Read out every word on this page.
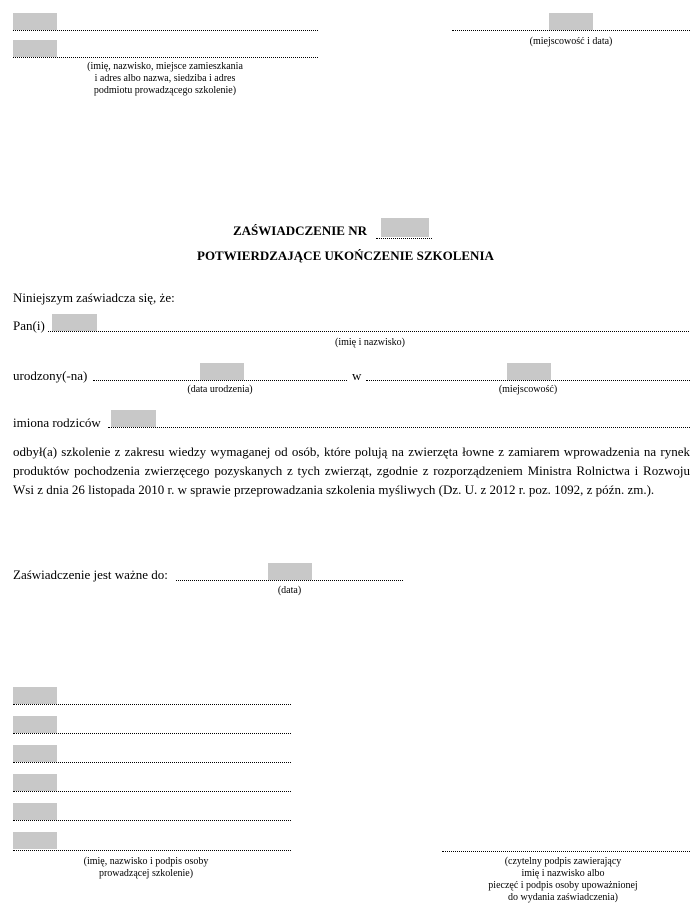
(imię, nazwisko, miejsce zamieszkania
i adres albo nazwa, siedziba i adres
podmiotu prowadzącego szkolenie)
(miejscowość i data)
ZAŚWIADCZENIE NR
POTWIERDZAJĄCE UKOŃCZENIE SZKOLENIA
Niniejszym zaświadcza się, że:
Pan(i)
(imię i nazwisko)
urodzony(-na)
(data urodzenia)
w
(miejscowość)
imiona rodziców
odbył(a) szkolenie z zakresu wiedzy wymaganej od osób, które polują na zwierzęta łowne z zamiarem wprowadzenia na rynek produktów pochodzenia zwierzęcego pozyskanych z tych zwierząt, zgodnie z rozporządzeniem Ministra Rolnictwa i Rozwoju Wsi z dnia 26 listopada 2010 r. w sprawie przeprowadzania szkolenia myśliwych (Dz. U. z 2012 r. poz. 1092, z późn. zm.).
Zaświadczenie jest ważne do:
(data)
(imię, nazwisko i podpis osoby
prowadzącej szkolenie)
(czytelny podpis zawierający
imię i nazwisko albo
pieczęć i podpis osoby upoważnionej
do wydania zaświadczenia)
